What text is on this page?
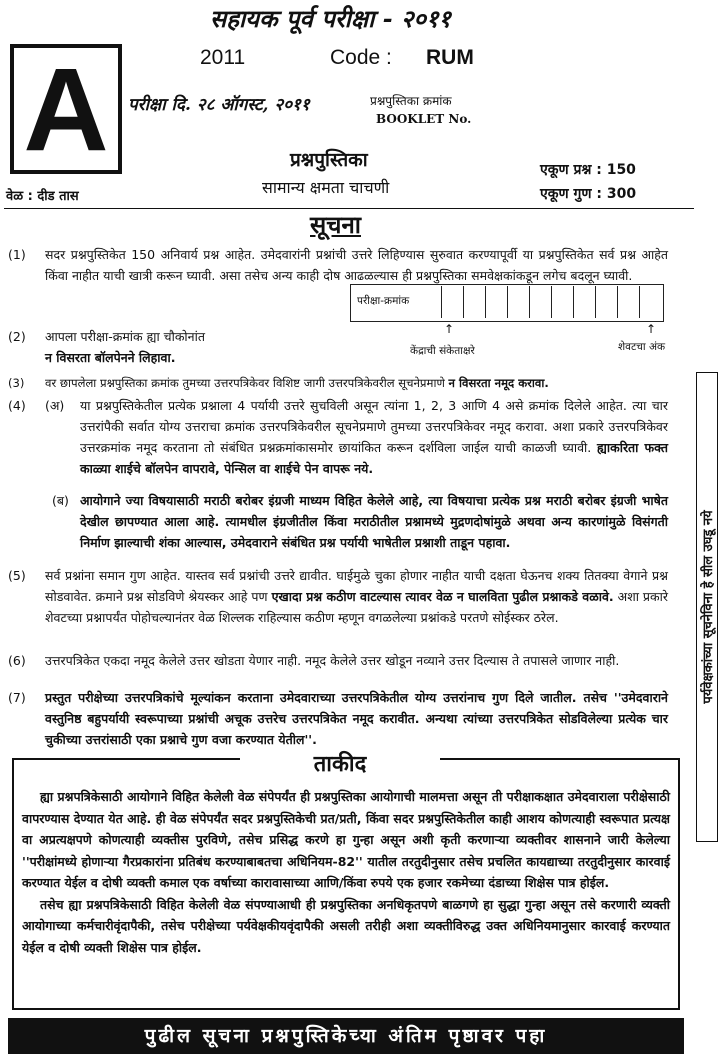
सहायक पूर्व परीक्षा - २०११
2011	Code : RUM
A	परीक्षा दि. २८ ऑगस्ट, २०११	प्रश्नपुस्तिका क्रमांक
BOOKLET No.
प्रश्नपुस्तिका
सामान्य क्षमता चाचणी
वेळ : दीड तास
एकूण प्रश्न : 150
एकूण गुण : 300
सूचना
(1) सदर प्रश्नपुस्तिकेत 150 अनिवार्य प्रश्न आहेत. उमेदवारांनी प्रश्नांची उत्तरे लिहिण्यास सुरुवात करण्यापूर्वी या प्रश्नपुस्तिकेत सर्व प्रश्न आहेत किंवा नाहीत याची खात्री करून घ्यावी. असा तसेच अन्य काही दोष आढळल्यास ही प्रश्नपुस्तिका समवेक्षकांकडून लगेच बदलून घ्यावी.
परीक्षा-क्रमांक
↑	↑
केंद्राची संकेताक्षरे	शेवटचा अंक
(2) आपला परीक्षा-क्रमांक ह्या चौकोनांत
न विसरता बॉलपेनने लिहावा.
(3) वर छापलेला प्रश्नपुस्तिका क्रमांक तुमच्या उत्तरपत्रिकेवर विशिष्ट जागी उत्तरपत्रिकेवरील सूचनेप्रमाणे न विसरता नमूद करावा.
(4) (अ) या प्रश्नपुस्तिकेतील प्रत्येक प्रश्नाला 4 पर्यायी उत्तरे सुचविली असून त्यांना 1, 2, 3 आणि 4 असे क्रमांक दिलेले आहेत. त्या चार उत्तरांपैकी सर्वात योग्य उत्तराचा क्रमांक उत्तरपत्रिकेवरील सूचनेप्रमाणे तुमच्या उत्तरपत्रिकेवर नमूद करावा. अशा प्रकारे उत्तरपत्रिकेवर उत्तरक्रमांक नमूद करताना तो संबंधित प्रश्नक्रमांकासमोर छायांकित करून दर्शविला जाईल याची काळजी घ्यावी. ह्याकरिता फक्त काळ्या शाईचे बॉलपेन वापरावे, पेन्सिल वा शाईचे पेन वापरू नये.
(ब) आयोगाने ज्या विषयासाठी मराठी बरोबर इंग्रजी माध्यम विहित केलेले आहे, त्या विषयाचा प्रत्येक प्रश्न मराठी बरोबर इंग्रजी भाषेत देखील छापण्यात आला आहे. त्यामधील इंग्रजीतील किंवा मराठीतील प्रश्नामध्ये मुद्रणदोषांमुळे अथवा अन्य कारणांमुळे विसंगती निर्माण झाल्याची शंका आल्यास, उमेदवाराने संबंधित प्रश्न पर्यायी भाषेतील प्रश्नाशी ताडून पहावा.
(5) सर्व प्रश्नांना समान गुण आहेत. यास्तव सर्व प्रश्नांची उत्तरे द्यावीत. घाईमुळे चुका होणार नाहीत याची दक्षता घेऊनच शक्य तितक्या वेगाने प्रश्न सोडवावेत. क्रमाने प्रश्न सोडविणे श्रेयस्कर आहे पण एखादा प्रश्न कठीण वाटल्यास त्यावर वेळ न घालविता पुढील प्रश्नाकडे वळावे. अशा प्रकारे शेवटच्या प्रश्नापर्यंत पोहोचल्यानंतर वेळ शिल्लक राहिल्यास कठीण म्हणून वगळलेल्या प्रश्नांकडे परतणे सोईस्कर ठरेल.
(6) उत्तरपत्रिकेत एकदा नमूद केलेले उत्तर खोडता येणार नाही. नमूद केलेले उत्तर खोडून नव्याने उत्तर दिल्यास ते तपासले जाणार नाही.
(7) प्रस्तुत परीक्षेच्या उत्तरपत्रिकांचे मूल्यांकन करताना उमेदवाराच्या उत्तरपत्रिकेतील योग्य उत्तरांनाच गुण दिले जातील. तसेच ''उमेदवाराने वस्तुनिष्ठ बहुपर्यायी स्वरूपाच्या प्रश्नांची अचूक उत्तरेच उत्तरपत्रिकेत नमूद करावीत. अन्यथा त्यांच्या उत्तरपत्रिकेत सोडविलेल्या प्रत्येक चार चुकीच्या उत्तरांसाठी एका प्रश्नाचे गुण वजा करण्यात येतील''.
पर्यवेक्षकांच्या सूचनेविना हे सील उघडू नये
ताकीद
ह्या प्रश्नपत्रिकेसाठी आयोगाने विहित केलेली वेळ संपेपर्यंत ही प्रश्नपुस्तिका आयोगाची मालमत्ता असून ती परीक्षाकक्षात उमेदवाराला परीक्षेसाठी वापरण्यास देण्यात येत आहे. ही वेळ संपेपर्यंत सदर प्रश्नपुस्तिकेची प्रत/प्रती, किंवा सदर प्रश्नपुस्तिकेतील काही आशय कोणत्याही स्वरूपात प्रत्यक्ष वा अप्रत्यक्षपणे कोणत्याही व्यक्तीस पुरविणे, तसेच प्रसिद्ध करणे हा गुन्हा असून अशी कृती करणाऱ्या व्यक्तीवर शासनाने जारी केलेल्या ''परीक्षांमध्ये होणाऱ्या गैरप्रकारांना प्रतिबंध करण्याबाबतचा अधिनियम-82'' यातील तरतुदीनुसार तसेच प्रचलित कायद्याच्या तरतुदीनुसार कारवाई करण्यात येईल व दोषी व्यक्ती कमाल एक वर्षाच्या कारावासाच्या आणि/किंवा रुपये एक हजार रकमेच्या दंडाच्या शिक्षेस पात्र होईल.
तसेच ह्या प्रश्नपत्रिकेसाठी विहित केलेली वेळ संपण्याआधी ही प्रश्नपुस्तिका अनधिकृतपणे बाळगणे हा सुद्धा गुन्हा असून तसे करणारी व्यक्ती आयोगाच्या कर्मचारीवृंदापैकी, तसेच परीक्षेच्या पर्यवेक्षकीयवृंदापैकी असली तरीही अशा व्यक्तीविरुद्ध उक्त अधिनियमानुसार कारवाई करण्यात येईल व दोषी व्यक्ती शिक्षेस पात्र होईल.
पुढील सूचना प्रश्नपुस्तिकेच्या अंतिम पृष्ठावर पहा
